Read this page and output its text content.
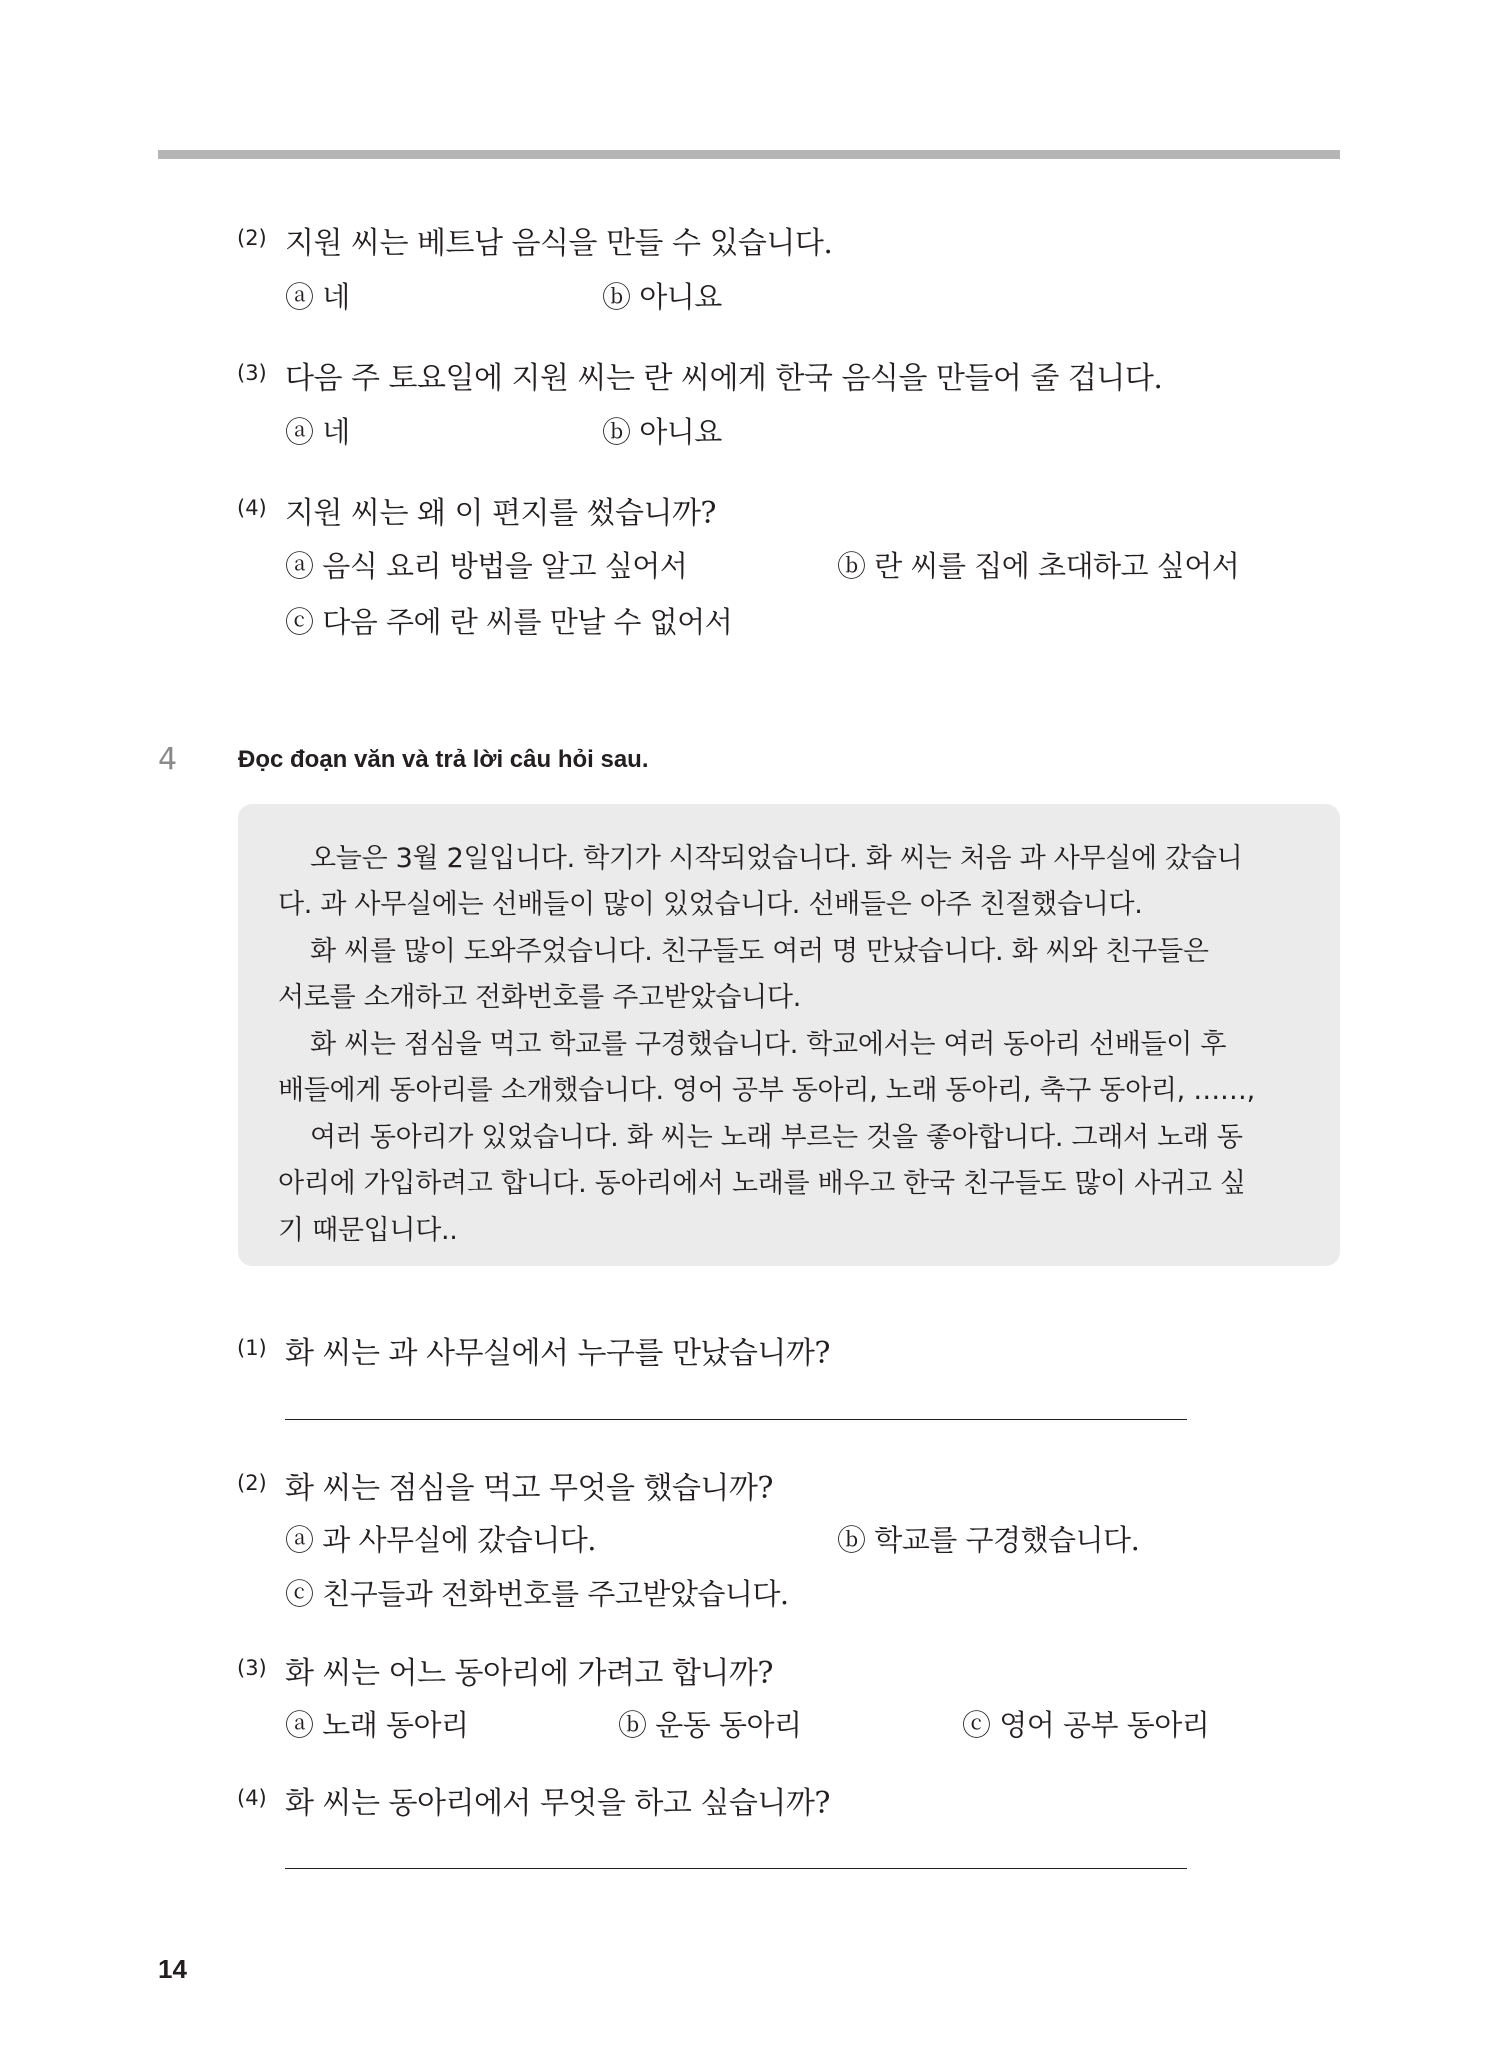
(2) 지원 씨는 베트남 음식을 만들 수 있습니다.
ⓐ 네	ⓑ 아니요
(3) 다음 주 토요일에 지원 씨는 란 씨에게 한국 음식을 만들어 줄 겁니다.
ⓐ 네	ⓑ 아니요
(4) 지원 씨는 왜 이 편지를 썼습니까?
ⓐ 음식 요리 방법을 알고 싶어서	ⓑ 란 씨를 집에 초대하고 싶어서
ⓒ 다음 주에 란 씨를 만날 수 없어서
4	Đọc đoạn văn và trả lời câu hỏi sau.
오늘은 3월 2일입니다. 학기가 시작되었습니다. 화 씨는 처음 과 사무실에 갔습니
다. 과 사무실에는 선배들이 많이 있었습니다. 선배들은 아주 친절했습니다.
화 씨를 많이 도와주었습니다. 친구들도 여러 명 만났습니다. 화 씨와 친구들은
서로를 소개하고 전화번호를 주고받았습니다.
화 씨는 점심을 먹고 학교를 구경했습니다. 학교에서는 여러 동아리 선배들이 후
배들에게 동아리를 소개했습니다. 영어 공부 동아리, 노래 동아리, 축구 동아리, ……,
여러 동아리가 있었습니다. 화 씨는 노래 부르는 것을 좋아합니다. 그래서 노래 동
아리에 가입하려고 합니다. 동아리에서 노래를 배우고 한국 친구들도 많이 사귀고 싶
기 때문입니다..
(1) 화 씨는 과 사무실에서 누구를 만났습니까?
(2) 화 씨는 점심을 먹고 무엇을 했습니까?
ⓐ 과 사무실에 갔습니다.	ⓑ 학교를 구경했습니다.
ⓒ 친구들과 전화번호를 주고받았습니다.
(3) 화 씨는 어느 동아리에 가려고 합니까?
ⓐ 노래 동아리	ⓑ 운동 동아리	ⓒ 영어 공부 동아리
(4) 화 씨는 동아리에서 무엇을 하고 싶습니까?
14
